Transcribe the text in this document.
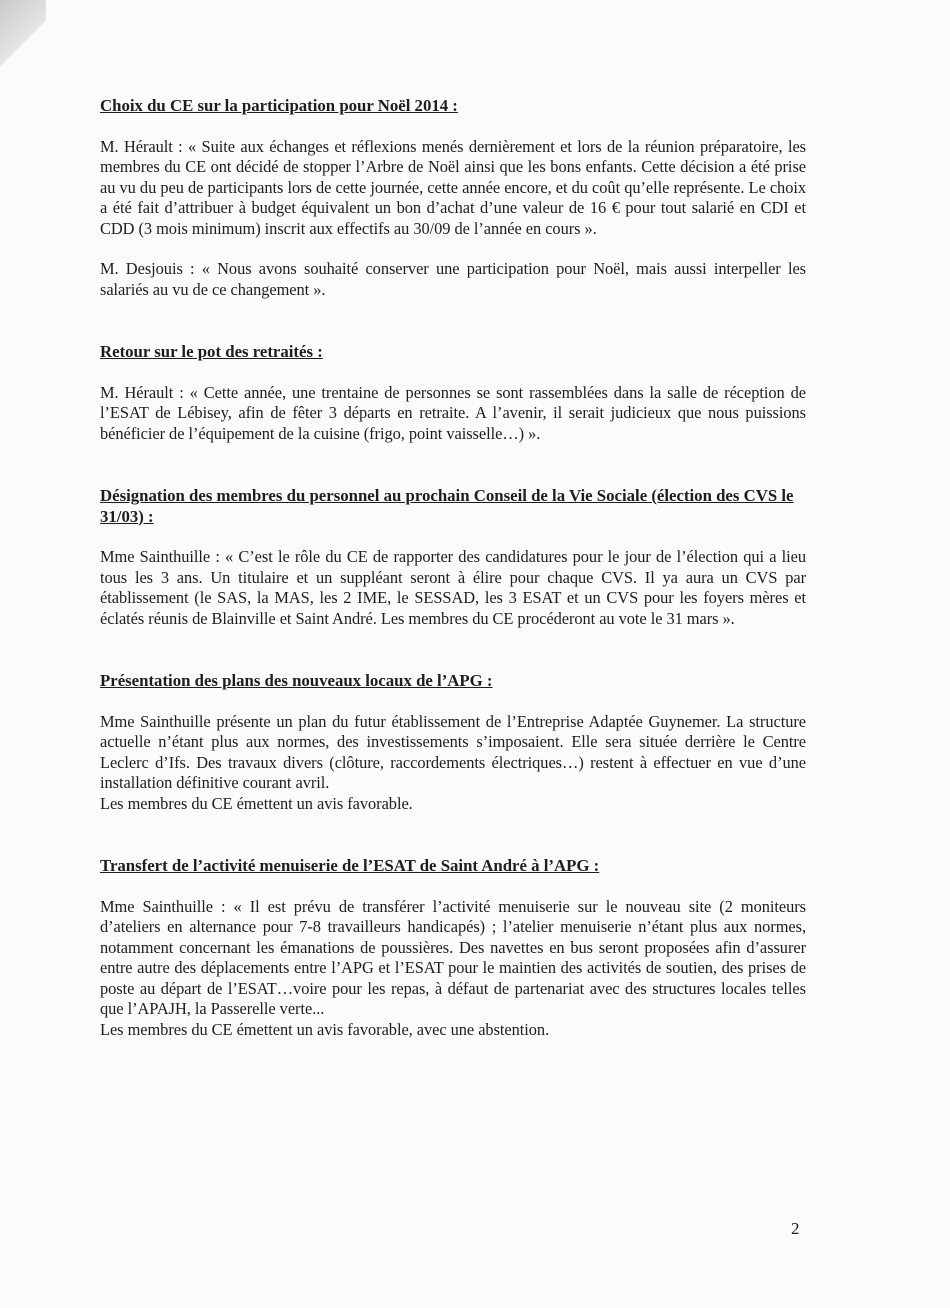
Choix du CE sur la participation pour Noël 2014 :

M. Hérault : « Suite aux échanges et réflexions menés dernièrement et lors de la réunion préparatoire, les membres du CE ont décidé de stopper l’Arbre de Noël ainsi que les bons enfants. Cette décision a été prise au vu du peu de participants lors de cette journée, cette année encore, et du coût qu’elle représente. Le choix a été fait d’attribuer à budget équivalent un bon d’achat d’une valeur de 16 € pour tout salarié en CDI et CDD (3 mois minimum) inscrit aux effectifs au 30/09 de l’année en cours ».

M. Desjouis : « Nous avons souhaité conserver une participation pour Noël, mais aussi interpeller les salariés au vu de ce changement ».

Retour sur le pot des retraités :

M. Hérault : « Cette année, une trentaine de personnes se sont rassemblées dans la salle de réception de l’ESAT de Lébisey, afin de fêter 3 départs en retraite. A l’avenir, il serait judicieux que nous puissions bénéficier de l’équipement de la cuisine (frigo, point vaisselle…) ».

Désignation des membres du personnel au prochain Conseil de la Vie Sociale (élection des CVS le 31/03) :

Mme Sainthuille : « C’est le rôle du CE de rapporter des candidatures pour le jour de l’élection qui a lieu tous les 3 ans. Un titulaire et un suppléant seront à élire pour chaque CVS. Il ya aura un CVS par établissement (le SAS, la MAS, les 2 IME, le SESSAD, les 3 ESAT et un CVS pour les foyers mères et éclatés réunis de Blainville et Saint André. Les membres du CE procéderont au vote le 31 mars ».

Présentation des plans des nouveaux locaux de l’APG :

Mme Sainthuille présente un plan du futur établissement de l’Entreprise Adaptée Guynemer. La structure actuelle n’étant plus aux normes, des investissements s’imposaient. Elle sera située derrière le Centre Leclerc d’Ifs. Des travaux divers (clôture, raccordements électriques…) restent à effectuer en vue d’une installation définitive courant avril.

Les membres du CE émettent un avis favorable.

Transfert de l’activité menuiserie de l’ESAT de Saint André à l’APG :

Mme Sainthuille : « Il est prévu de transférer l’activité menuiserie sur le nouveau site (2 moniteurs d’ateliers en alternance pour 7-8 travailleurs handicapés) ; l’atelier menuiserie n’étant plus aux normes, notamment concernant les émanations de poussières. Des navettes en bus seront proposées afin d’assurer entre autre des déplacements entre l’APG et l’ESAT pour le maintien des activités de soutien, des prises de poste au départ de l’ESAT…voire pour les repas, à défaut de partenariat avec des structures locales telles que l’APAJH, la Passerelle verte...

Les membres du CE émettent un avis favorable, avec une abstention.

2
